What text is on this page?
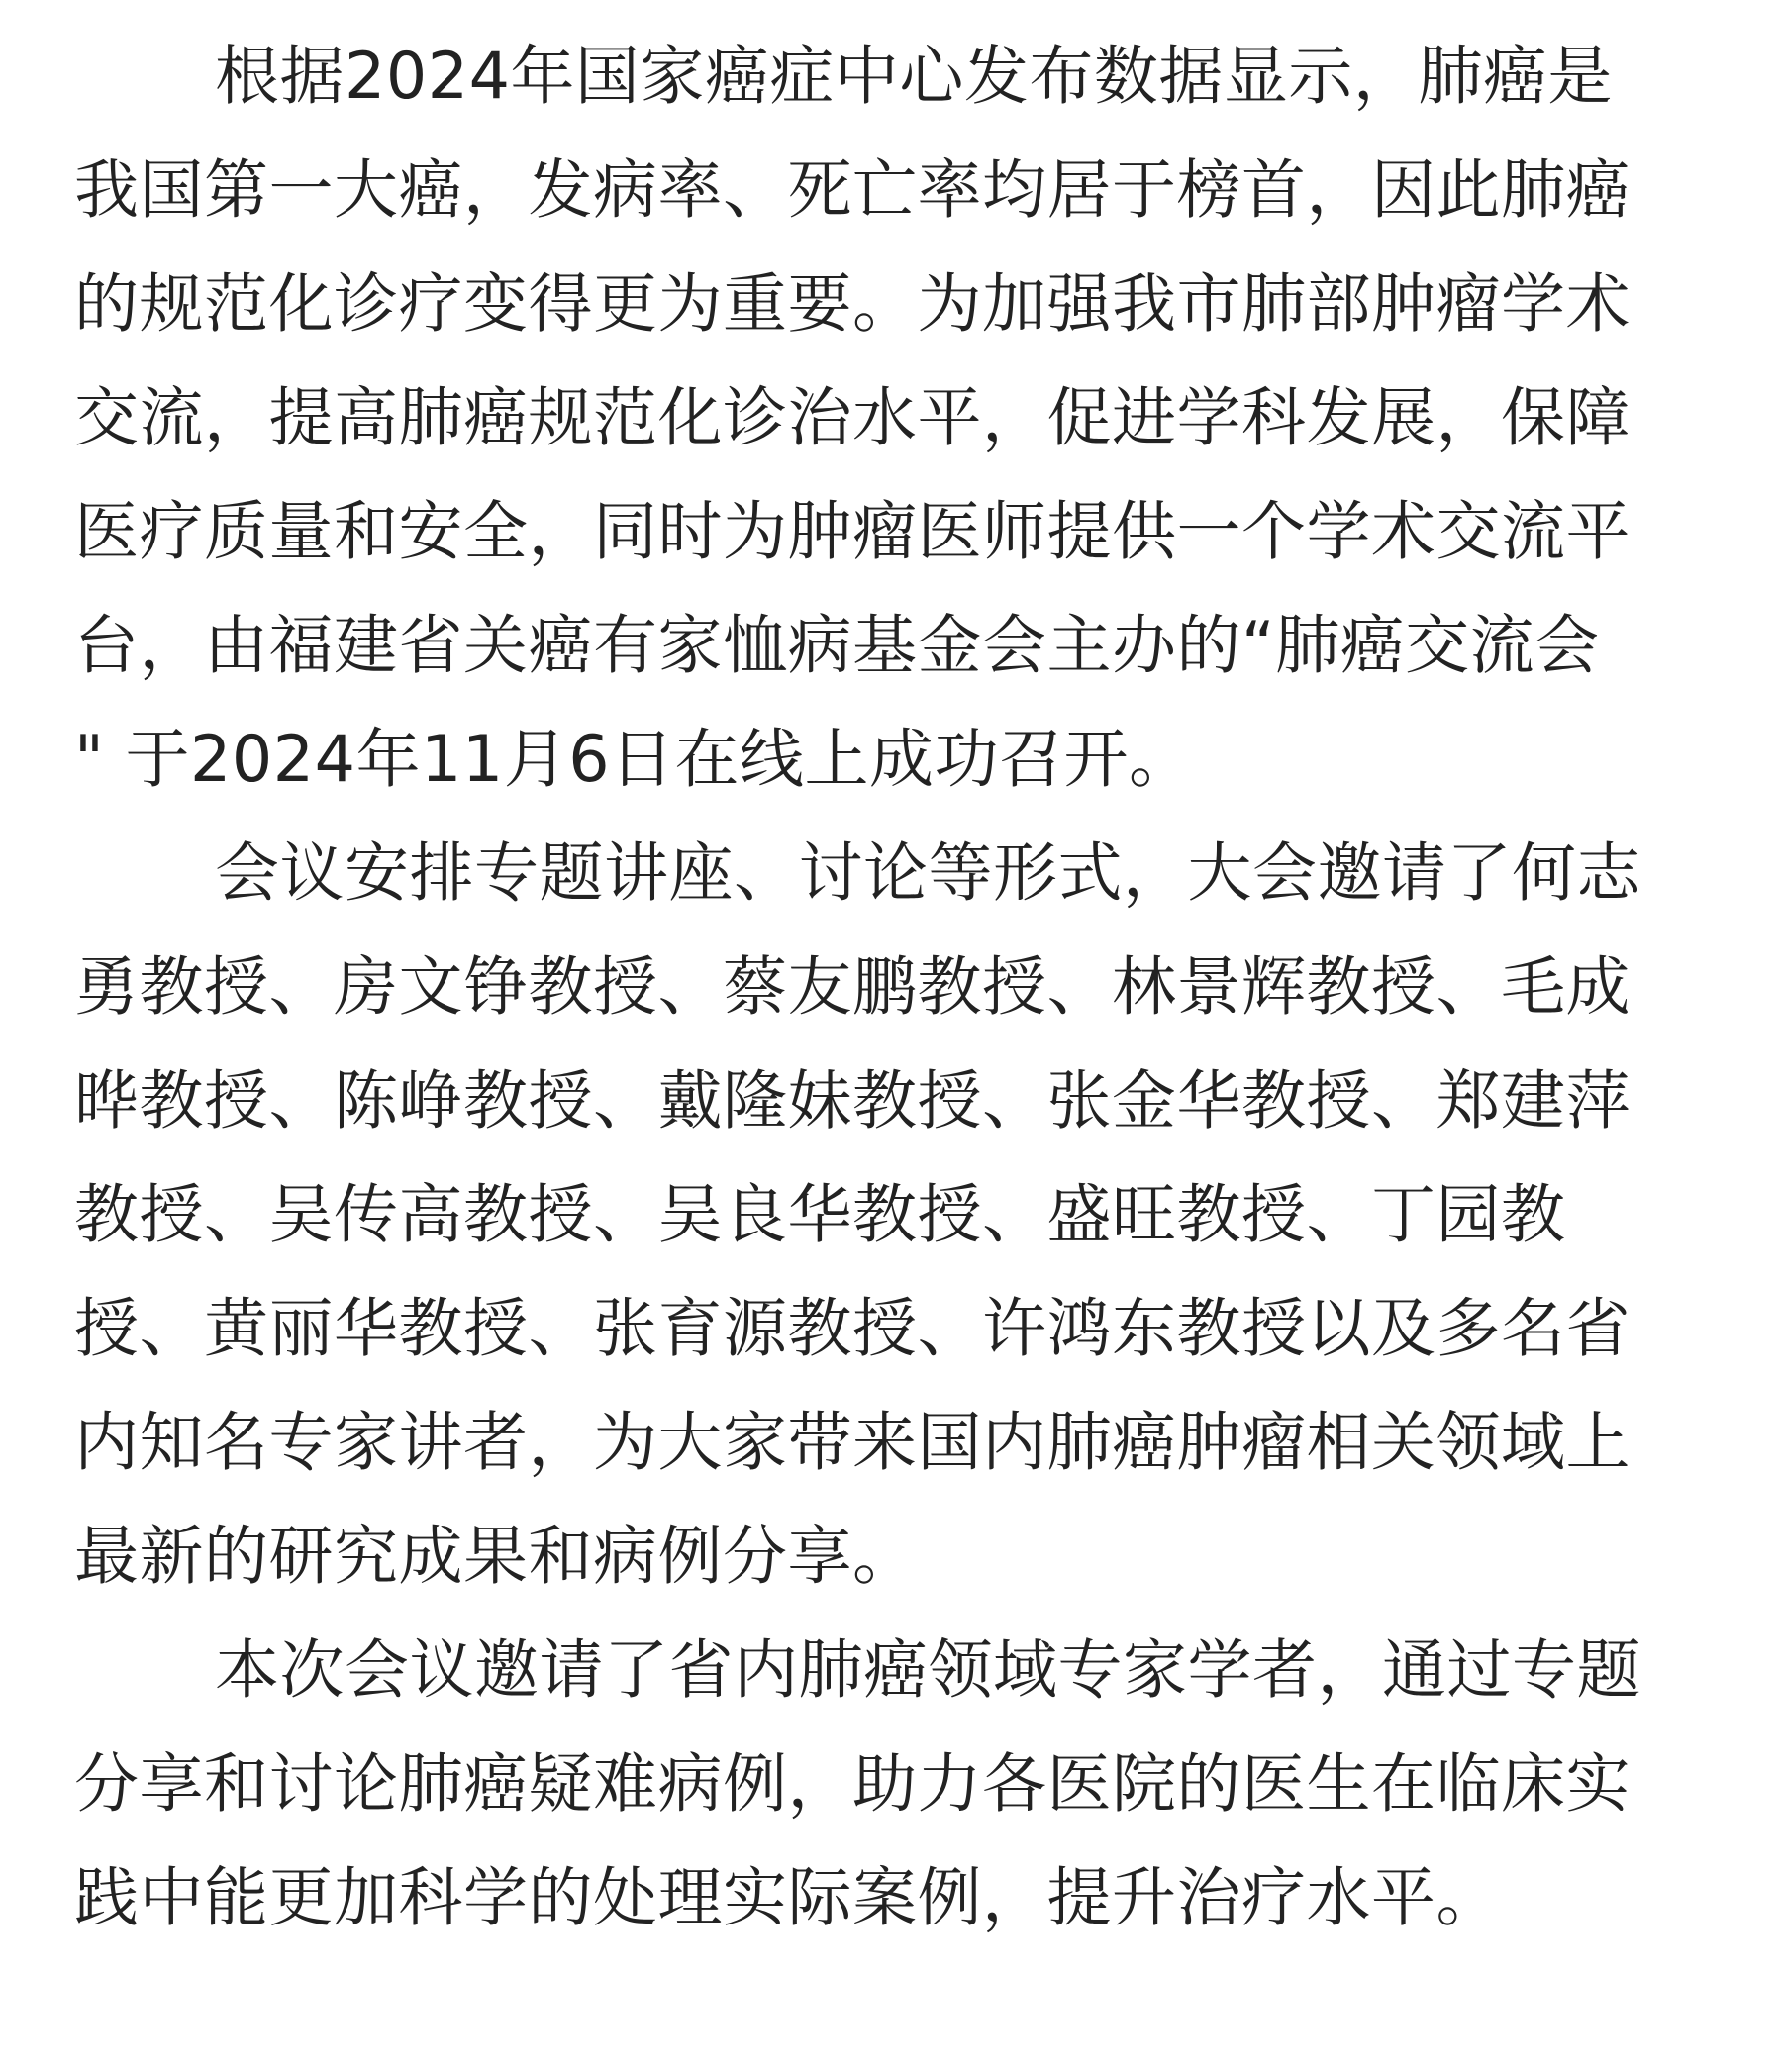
根据2024年国家癌症中心发布数据显示，肺癌是
我国第一大癌，发病率、死亡率均居于榜首，因此肺癌
的规范化诊疗变得更为重要。为加强我市肺部肿瘤学术
交流，提高肺癌规范化诊治水平，促进学科发展，保障
医疗质量和安全，同时为肿瘤医师提供一个学术交流平
台，由福建省关癌有家恤病基金会主办的“肺癌交流会
" 于2024年11月6日在线上成功召开。
会议安排专题讲座、讨论等形式，大会邀请了何志
勇教授、房文铮教授、蔡友鹏教授、林景辉教授、毛成
晔教授、陈峥教授、戴隆妹教授、张金华教授、郑建萍
教授、吴传高教授、吴良华教授、盛旺教授、丁园教
授、黄丽华教授、张育源教授、许鸿东教授以及多名省
内知名专家讲者，为大家带来国内肺癌肿瘤相关领域上
最新的研究成果和病例分享。
本次会议邀请了省内肺癌领域专家学者，通过专题
分享和讨论肺癌疑难病例，助力各医院的医生在临床实
践中能更加科学的处理实际案例，提升治疗水平。
